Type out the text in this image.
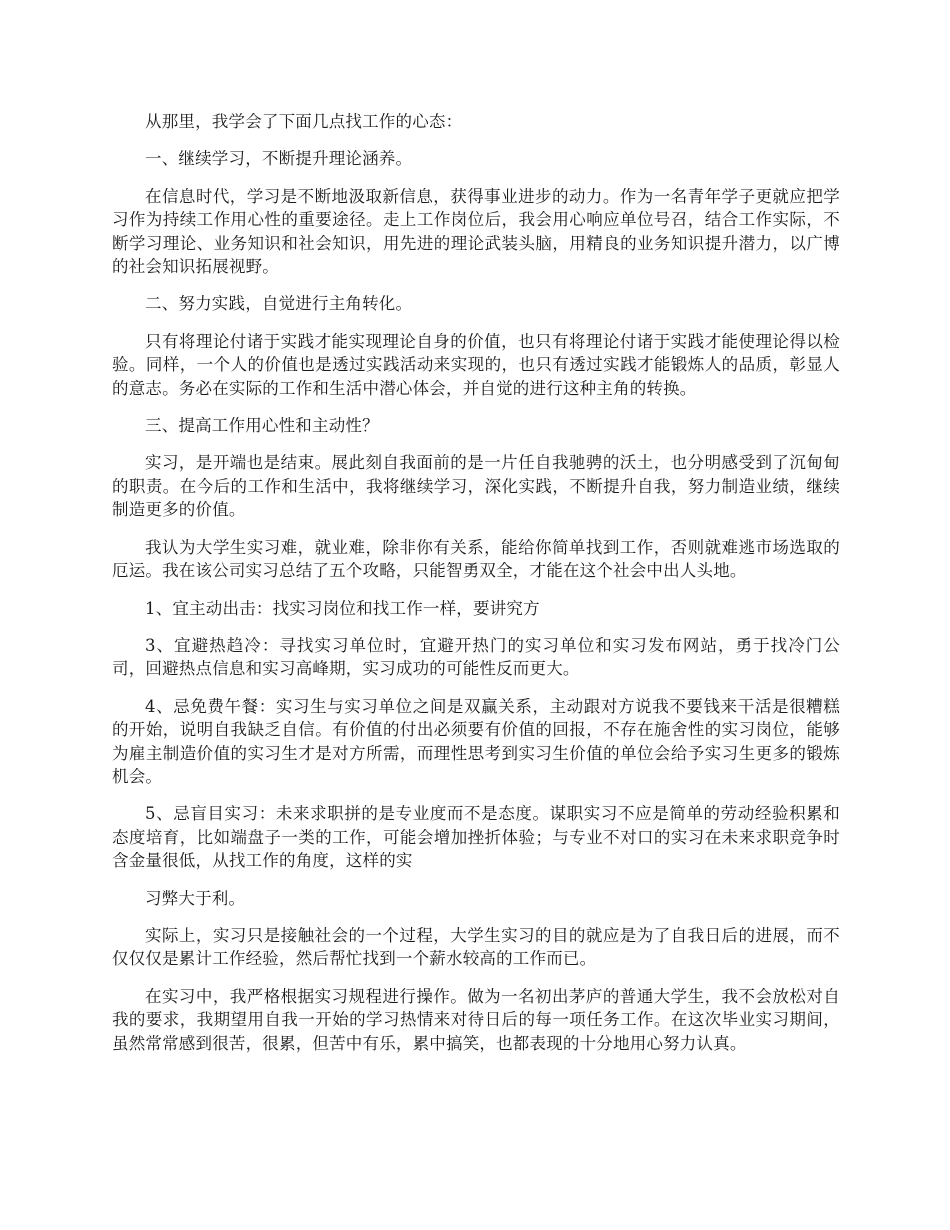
从那里，我学会了下面几点找工作的心态：

一、继续学习，不断提升理论涵养。

在信息时代，学习是不断地汲取新信息，获得事业进步的动力。作为一名青年学子更就应把学习作为持续工作用心性的重要途径。走上工作岗位后，我会用心响应单位号召，结合工作实际，不断学习理论、业务知识和社会知识，用先进的理论武装头脑，用精良的业务知识提升潜力，以广博的社会知识拓展视野。

二、努力实践，自觉进行主角转化。

只有将理论付诸于实践才能实现理论自身的价值，也只有将理论付诸于实践才能使理论得以检验。同样，一个人的价值也是透过实践活动来实现的，也只有透过实践才能锻炼人的品质，彰显人的意志。务必在实际的工作和生活中潜心体会，并自觉的进行这种主角的转换。

三、提高工作用心性和主动性？

实习，是开端也是结束。展此刻自我面前的是一片任自我驰骋的沃土，也分明感受到了沉甸甸的职责。在今后的工作和生活中，我将继续学习，深化实践，不断提升自我，努力制造业绩，继续制造更多的价值。

我认为大学生实习难，就业难，除非你有关系，能给你简单找到工作，否则就难逃市场选取的厄运。我在该公司实习总结了五个攻略，只能智勇双全，才能在这个社会中出人头地。

1、宜主动出击：找实习岗位和找工作一样，要讲究方

3、宜避热趋冷：寻找实习单位时，宜避开热门的实习单位和实习发布网站，勇于找冷门公司，回避热点信息和实习高峰期，实习成功的可能性反而更大。

4、忌免费午餐：实习生与实习单位之间是双赢关系，主动跟对方说我不要钱来干活是很糟糕的开始，说明自我缺乏自信。有价值的付出必须要有价值的回报，不存在施舍性的实习岗位，能够为雇主制造价值的实习生才是对方所需，而理性思考到实习生价值的单位会给予实习生更多的锻炼机会。

5、忌盲目实习：未来求职拼的是专业度而不是态度。谋职实习不应是简单的劳动经验积累和态度培育，比如端盘子一类的工作，可能会增加挫折体验；与专业不对口的实习在未来求职竞争时含金量很低，从找工作的角度，这样的实

习弊大于利。

实际上，实习只是接触社会的一个过程，大学生实习的目的就应是为了自我日后的进展，而不仅仅仅是累计工作经验，然后帮忙找到一个薪水较高的工作而已。

在实习中，我严格根据实习规程进行操作。做为一名初出茅庐的普通大学生，我不会放松对自我的要求，我期望用自我一开始的学习热情来对待日后的每一项任务工作。在这次毕业实习期间，虽然常常感到很苦，很累，但苦中有乐，累中搞笑，也都表现的十分地用心努力认真。
